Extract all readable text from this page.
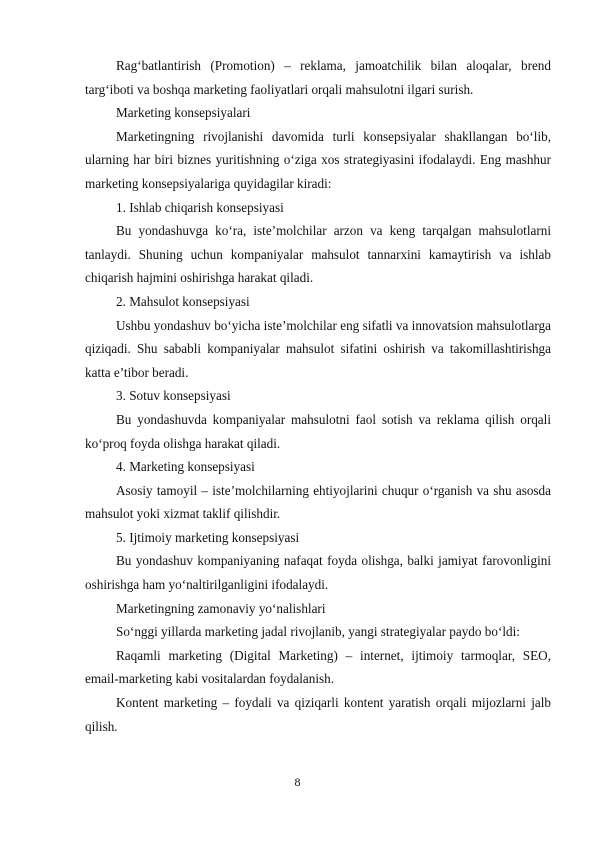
Rag‘batlantirish (Promotion) – reklama, jamoatchilik bilan aloqalar, brend targ‘iboti va boshqa marketing faoliyatlari orqali mahsulotni ilgari surish.

Marketing konsepsiyalari

Marketingning rivojlanishi davomida turli konsepsiyalar shakllangan bo‘lib, ularning har biri biznes yuritishning o‘ziga xos strategiyasini ifodalaydi. Eng mashhur marketing konsepsiyalariga quyidagilar kiradi:

1. Ishlab chiqarish konsepsiyasi

Bu yondashuvga ko‘ra, iste’molchilar arzon va keng tarqalgan mahsulotlarni tanlaydi. Shuning uchun kompaniyalar mahsulot tannarxini kamaytirish va ishlab chiqarish hajmini oshirishga harakat qiladi.

2. Mahsulot konsepsiyasi

Ushbu yondashuv bo‘yicha iste’molchilar eng sifatli va innovatsion mahsulotlarga qiziqadi. Shu sababli kompaniyalar mahsulot sifatini oshirish va takomillashtirishga katta e’tibor beradi.

3. Sotuv konsepsiyasi

Bu yondashuvda kompaniyalar mahsulotni faol sotish va reklama qilish orqali ko‘proq foyda olishga harakat qiladi.

4. Marketing konsepsiyasi

Asosiy tamoyil – iste’molchilarning ehtiyojlarini chuqur o‘rganish va shu asosda mahsulot yoki xizmat taklif qilishdir.

5. Ijtimoiy marketing konsepsiyasi

Bu yondashuv kompaniyaning nafaqat foyda olishga, balki jamiyat farovonligini oshirishga ham yo‘naltirilganligini ifodalaydi.

Marketingning zamonaviy yo‘nalishlari

So‘nggi yillarda marketing jadal rivojlanib, yangi strategiyalar paydo bo‘ldi:

Raqamli marketing (Digital Marketing) – internet, ijtimoiy tarmoqlar, SEO, email-marketing kabi vositalardan foydalanish.

Kontent marketing – foydali va qiziqarli kontent yaratish orqali mijozlarni jalb qilish.

8
